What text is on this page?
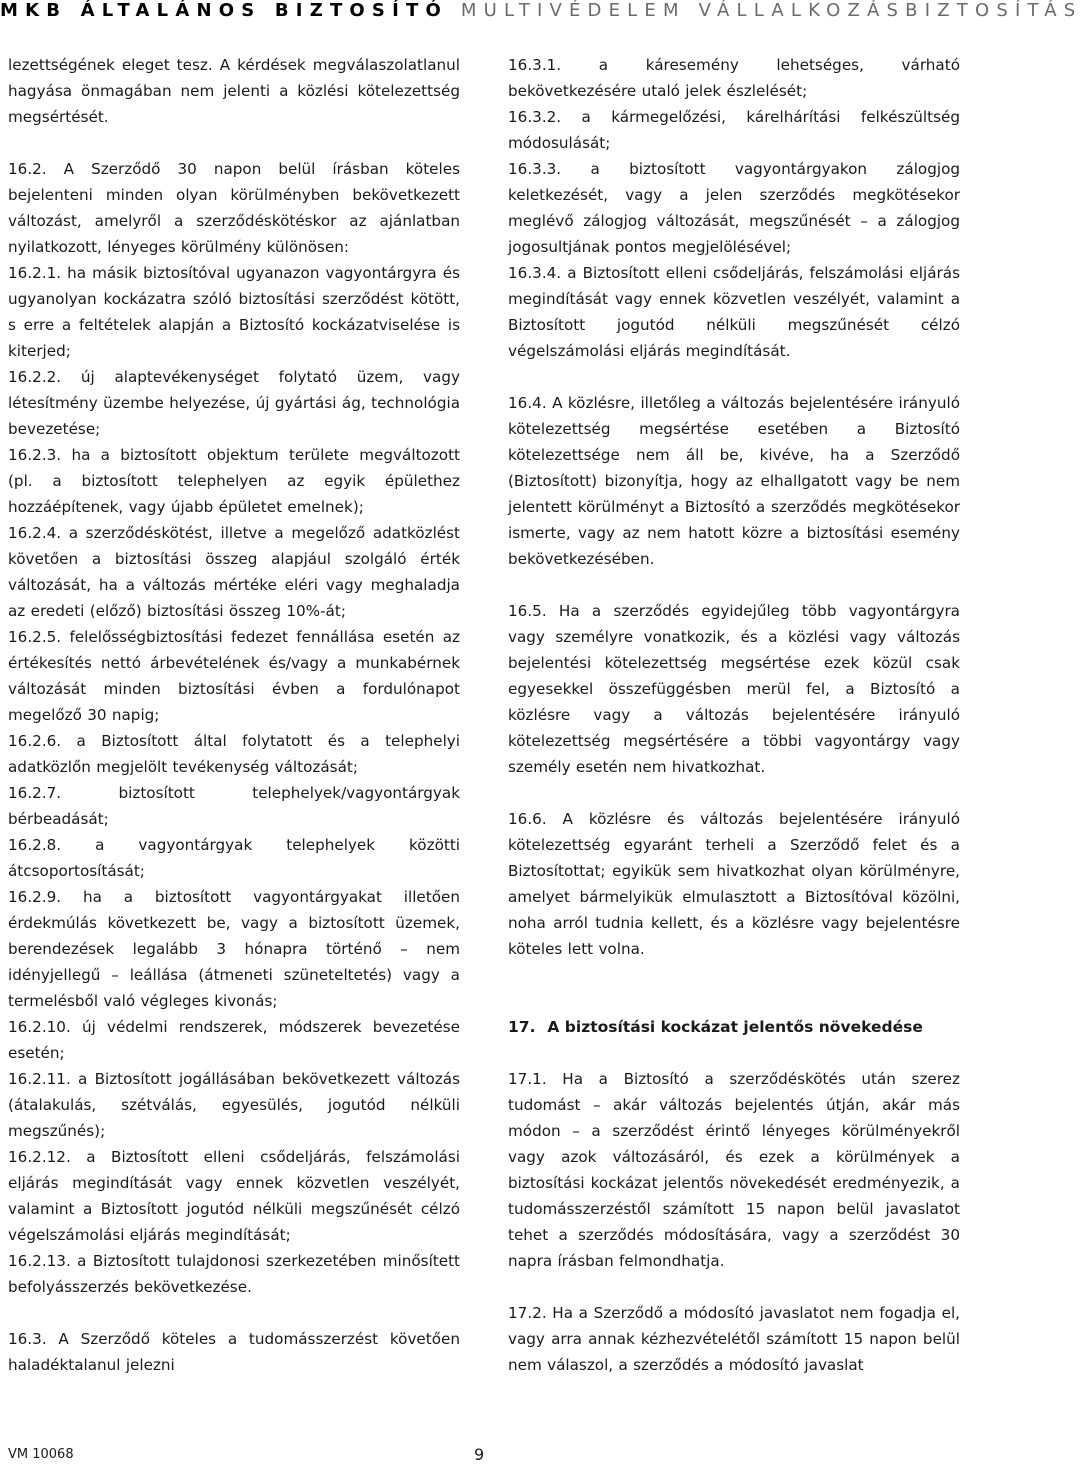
MKB ÁLTALÁNOS BIZTOSÍTÓ MULTIVÉDELEM VÁLLALKOZÁSBIZTOSÍTÁS

lezettségének eleget tesz. A kérdések megválaszolatlanul hagyása önmagában nem jelenti a közlési kötelezettség megsértését.

16.2. A Szerződő 30 napon belül írásban köteles bejelenteni minden olyan körülményben bekövetkezett változást, amelyről a szerződéskötéskor az ajánlatban nyilatkozott, lényeges körülmény különösen:

16.2.1. ha másik biztosítóval ugyanazon vagyontárgyra és ugyanolyan kockázatra szóló biztosítási szerződést kötött, s erre a feltételek alapján a Biztosító kockázatviselése is kiterjed;

16.2.2. új alaptevékenységet folytató üzem, vagy létesítmény üzembe helyezése, új gyártási ág, technológia bevezetése;

16.2.3. ha a biztosított objektum területe megváltozott (pl. a biztosított telephelyen az egyik épülethez hozzáépítenek, vagy újabb épületet emelnek);

16.2.4. a szerződéskötést, illetve a megelőző adatközlést követően a biztosítási összeg alapjául szolgáló érték változását, ha a változás mértéke eléri vagy meghaladja az eredeti (előző) biztosítási összeg 10%-át;

16.2.5. felelősségbiztosítási fedezet fennállása esetén az értékesítés nettó árbevételének és/vagy a munkabérnek változását minden biztosítási évben a fordulónapot megelőző 30 napig;

16.2.6. a Biztosított által folytatott és a telephelyi adatközlőn megjelölt tevékenység változását;

16.2.7. biztosított telephelyek/vagyontárgyak bérbeadását;

16.2.8. a vagyontárgyak telephelyek közötti átcsoportosítását;

16.2.9. ha a biztosított vagyontárgyakat illetően érdekmúlás következett be, vagy a biztosított üzemek, berendezések legalább 3 hónapra történő – nem idényjellegű – leállása (átmeneti szüneteltetés) vagy a termelésből való végleges kivonás;

16.2.10. új védelmi rendszerek, módszerek bevezetése esetén;

16.2.11. a Biztosított jogállásában bekövetkezett változás (átalakulás, szétválás, egyesülés, jogutód nélküli megszűnés);

16.2.12. a Biztosított elleni csődeljárás, felszámolási eljárás megindítását vagy ennek közvetlen veszélyét, valamint a Biztosított jogutód nélküli megszűnését célzó végelszámolási eljárás megindítását;

16.2.13. a Biztosított tulajdonosi szerkezetében minősített befolyásszerzés bekövetkezése.

16.3. A Szerződő köteles a tudomásszerzést követően haladéktalanul jelezni

16.3.1. a káresemény lehetséges, várható bekövetkezésére utaló jelek észlelését;

16.3.2. a kármegelőzési, kárelhárítási felkészültség módosulását;

16.3.3. a biztosított vagyontárgyakon zálogjog keletkezését, vagy a jelen szerződés megkötésekor meglévő zálogjog változását, megszűnését – a zálogjog jogosultjának pontos megjelölésével;

16.3.4. a Biztosított elleni csődeljárás, felszámolási eljárás megindítását vagy ennek közvetlen veszélyét, valamint a Biztosított jogutód nélküli megszűnését célzó végelszámolási eljárás megindítását.

16.4. A közlésre, illetőleg a változás bejelentésére irányuló kötelezettség megsértése esetében a Biztosító kötelezettsége nem áll be, kivéve, ha a Szerződő (Biztosított) bizonyítja, hogy az elhallgatott vagy be nem jelentett körülményt a Biztosító a szerződés megkötésekor ismerte, vagy az nem hatott közre a biztosítási esemény bekövetkezésében.

16.5. Ha a szerződés egyidejűleg több vagyontárgyra vagy személyre vonatkozik, és a közlési vagy változás bejelentési kötelezettség megsértése ezek közül csak egyesekkel összefüggésben merül fel, a Biztosító a közlésre vagy a változás bejelentésére irányuló kötelezettség megsértésére a többi vagyontárgy vagy személy esetén nem hivatkozhat.

16.6. A közlésre és változás bejelentésére irányuló kötelezettség egyaránt terheli a Szerződő felet és a Biztosítottat; egyikük sem hivatkozhat olyan körülményre, amelyet bármelyikük elmulasztott a Biztosítóval közölni, noha arról tudnia kellett, és a közlésre vagy bejelentésre köteles lett volna.

17. A biztosítási kockázat jelentős növekedése

17.1. Ha a Biztosító a szerződéskötés után szerez tudomást – akár változás bejelentés útján, akár más módon – a szerződést érintő lényeges körülményekről vagy azok változásáról, és ezek a körülmények a biztosítási kockázat jelentős növekedését eredményezik, a tudomásszerzéstől számított 15 napon belül javaslatot tehet a szerződés módosítására, vagy a szerződést 30 napra írásban felmondhatja.

17.2. Ha a Szerződő a módosító javaslatot nem fogadja el, vagy arra annak kézhezvételétől számított 15 napon belül nem válaszol, a szerződés a módosító javaslat

VM 10068	9
